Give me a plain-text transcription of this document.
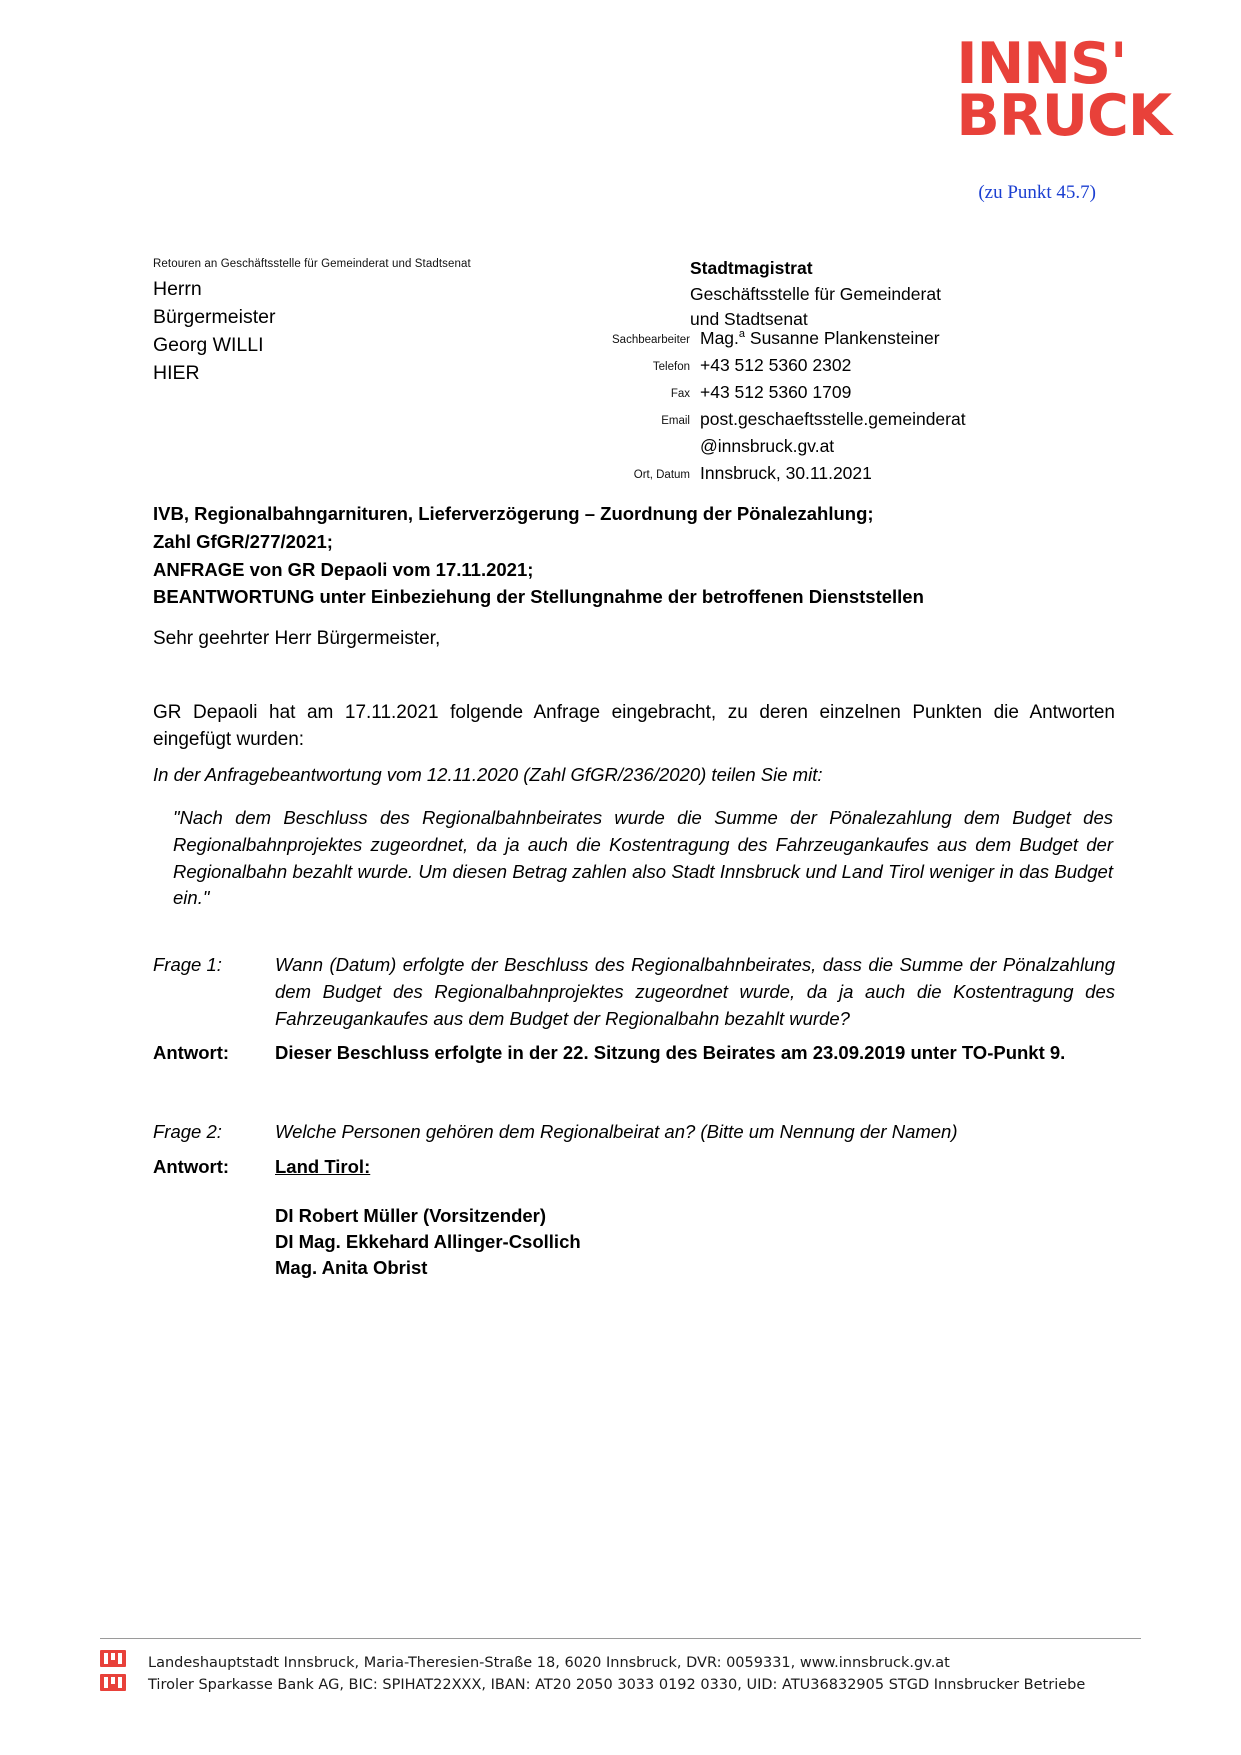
INNS'
BRUCK
(zu Punkt 45.7)
Retouren an Geschäftsstelle für Gemeinderat und Stadtsenat
Herrn
Bürgermeister
Georg WILLI
HIER
Stadtmagistrat
Geschäftsstelle für Gemeinderat
und Stadtsenat
Sachbearbeiter Mag.$^a$ Susanne Plankensteiner
Telefon +43 512 5360 2302
Fax +43 512 5360 1709
Email post.geschaeftsstelle.gemeinderat
@innsbruck.gv.at
Ort, Datum Innsbruck, 30.11.2021
IVB, Regionalbahngarnituren, Lieferverzögerung – Zuordnung der Pönalezahlung;
Zahl GfGR/277/2021;
ANFRAGE von GR Depaoli vom 17.11.2021;
BEANTWORTUNG unter Einbeziehung der Stellungnahme der betroffenen Dienststellen
Sehr geehrter Herr Bürgermeister,
GR Depaoli hat am 17.11.2021 folgende Anfrage eingebracht, zu deren einzelnen Punkten die Antworten eingefügt wurden:
In der Anfragebeantwortung vom 12.11.2020 (Zahl GfGR/236/2020) teilen Sie mit:
"Nach dem Beschluss des Regionalbahnbeirates wurde die Summe der Pönalezahlung dem Budget des Regionalbahnprojektes zugeordnet, da ja auch die Kostentragung des Fahrzeugankaufes aus dem Budget der Regionalbahn bezahlt wurde. Um diesen Betrag zahlen also Stadt Innsbruck und Land Tirol weniger in das Budget ein."
Frage 1:	Wann (Datum) erfolgte der Beschluss des Regionalbahnbeirates, dass die Summe der Pönalzahlung dem Budget des Regionalbahnprojektes zugeordnet wurde, da ja auch die Kostentragung des Fahrzeugankaufes aus dem Budget der Regionalbahn bezahlt wurde?
Antwort:	Dieser Beschluss erfolgte in der 22. Sitzung des Beirates am 23.09.2019 unter TO-Punkt 9.
Frage 2:	Welche Personen gehören dem Regionalbeirat an? (Bitte um Nennung der Namen)
Antwort:	Land Tirol:
DI Robert Müller (Vorsitzender)
DI Mag. Ekkehard Allinger-Csollich
Mag. Anita Obrist
Landeshauptstadt Innsbruck, Maria-Theresien-Straße 18, 6020 Innsbruck, DVR: 0059331, www.innsbruck.gv.at
Tiroler Sparkasse Bank AG, BIC: SPIHAT22XXX, IBAN: AT20 2050 3033 0192 0330, UID: ATU36832905 STGD Innsbrucker Betriebe
